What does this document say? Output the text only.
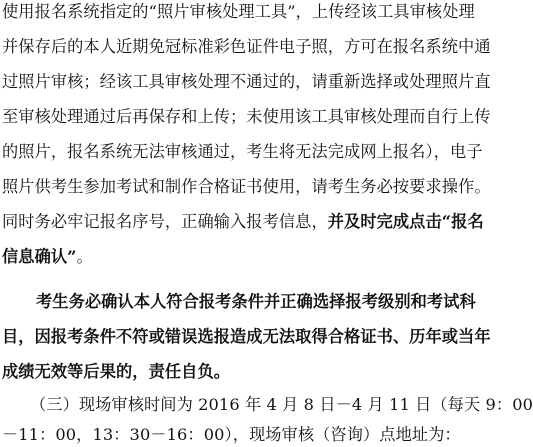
使用报名系统指定的“照片审核处理工具”，上传经该工具审核处理
并保存后的本人近期免冠标准彩色证件电子照，方可在报名系统中通
过照片审核；经该工具审核处理不通过的，请重新选择或处理照片直
至审核处理通过后再保存和上传；未使用该工具审核处理而自行上传
的照片，报名系统无法审核通过，考生将无法完成网上报名），电子
照片供考生参加考试和制作合格证书使用，请考生务必按要求操作。
同时务必牢记报名序号，正确输入报考信息，并及时完成点击“报名
信息确认”。
考生务必确认本人符合报考条件并正确选择报考级别和考试科
目，因报考条件不符或错误选报造成无法取得合格证书、历年或当年
成绩无效等后果的，责任自负。
（三）现场审核时间为 2016 年 4 月 8 日－4 月 11 日（每天 9：00
－11：00，13：30－16：00），现场审核（咨询）点地址为：
